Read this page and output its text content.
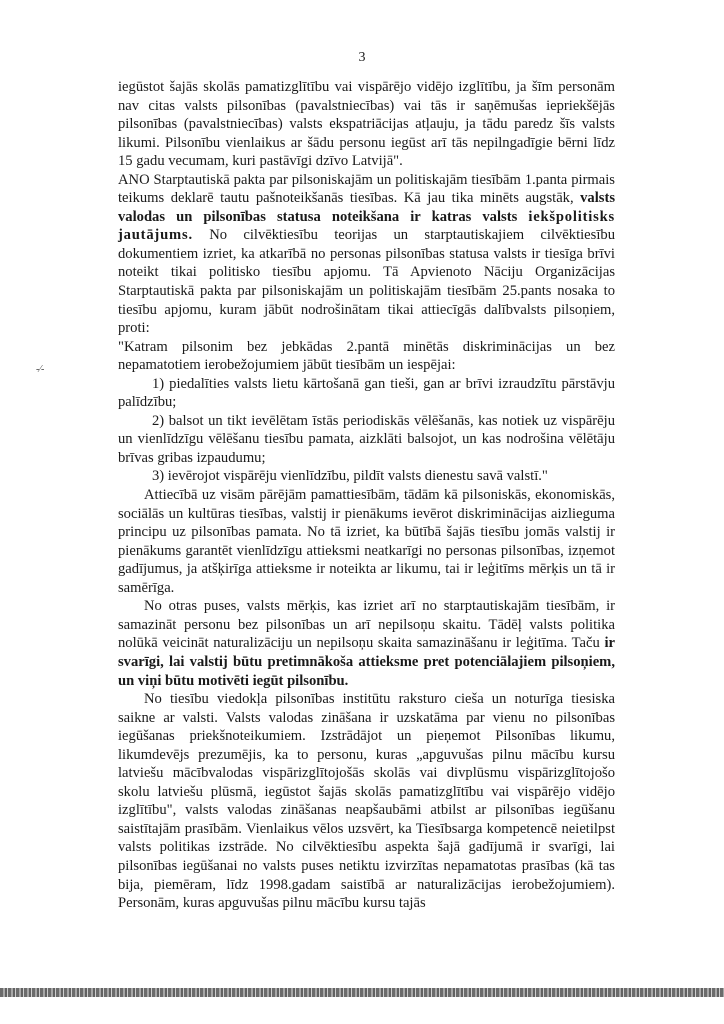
3
-⁄-

iegūstot šajās skolās pamatizglītību vai vispārējo vidējo izglītību, ja šīm personām nav citas valsts pilsonības (pavalstniecības) vai tās ir saņēmušas iepriekšējās pilsonības (pavalstniecības) valsts ekspatriācijas atļauju, ja tādu paredz šīs valsts likumi. Pilsonību vienlaikus ar šādu personu iegūst arī tās nepilngadīgie bērni līdz 15 gadu vecumam, kuri pastāvīgi dzīvo Latvijā".

ANO Starptautiskā pakta par pilsoniskajām un politiskajām tiesībām 1.panta pirmais teikums deklarē tautu pašnoteikšanās tiesības. Kā jau tika minēts augstāk, valsts valodas un pilsonības statusa noteikšana ir katras valsts iekšpolitisks jautājums. No cilvēktiesību teorijas un starptautiskajiem cilvēktiesību dokumentiem izriet, ka atkarībā no personas pilsonības statusa valsts ir tiesīga brīvi noteikt tikai politisko tiesību apjomu. Tā Apvienoto Nāciju Organizācijas Starptautiskā pakta par pilsoniskajām un politiskajām tiesībām 25.pants nosaka to tiesību apjomu, kuram jābūt nodrošinātam tikai attiecīgās dalībvalsts pilsoņiem, proti:

"Katram pilsonim bez jebkādas 2.pantā minētās diskriminācijas un bez nepamatotiem ierobežojumiem jābūt tiesībām un iespējai:

1) piedalīties valsts lietu kārtošanā gan tieši, gan ar brīvi izraudzītu pārstāvju palīdzību;

2) balsot un tikt ievēlētam īstās periodiskās vēlēšanās, kas notiek uz vispārēju un vienlīdzīgu vēlēšanu tiesību pamata, aizklāti balsojot, un kas nodrošina vēlētāju brīvas gribas izpaudumu;

3) ievērojot vispārēju vienlīdzību, pildīt valsts dienestu savā valstī."

Attiecībā uz visām pārējām pamattiesībām, tādām kā pilsoniskās, ekonomiskās, sociālās un kultūras tiesības, valstij ir pienākums ievērot diskriminācijas aizlieguma principu uz pilsonības pamata. No tā izriet, ka būtībā šajās tiesību jomās valstij ir pienākums garantēt vienlīdzīgu attieksmi neatkarīgi no personas pilsonības, izņemot gadījumus, ja atšķirīga attieksme ir noteikta ar likumu, tai ir leģitīms mērķis un tā ir samērīga.

No otras puses, valsts mērķis, kas izriet arī no starptautiskajām tiesībām, ir samazināt personu bez pilsonības un arī nepilsoņu skaitu. Tādēļ valsts politika nolūkā veicināt naturalizāciju un nepilsoņu skaita samazināšanu ir leģitīma. Taču ir svarīgi, lai valstij būtu pretimnākoša attieksme pret potenciālajiem pilsoņiem, un viņi būtu motivēti iegūt pilsonību.

No tiesību viedokļa pilsonības institūtu raksturo cieša un noturīga tiesiska saikne ar valsti. Valsts valodas zināšana ir uzskatāma par vienu no pilsonības iegūšanas priekšnoteikumiem. Izstrādājot un pieņemot Pilsonības likumu, likumdevējs prezumējis, ka to personu, kuras „apguvušas pilnu mācību kursu latviešu mācībvalodas vispārizglītojošās skolās vai divplūsmu vispārizglītojošo skolu latviešu plūsmā, iegūstot šajās skolās pamatizglītību vai vispārējo vidējo izglītību", valsts valodas zināšanas neapšaubāmi atbilst ar pilsonības iegūšanu saistītajām prasībām. Vienlaikus vēlos uzsvērt, ka Tiesībsarga kompetencē neietilpst valsts politikas izstrāde. No cilvēktiesību aspekta šajā gadījumā ir svarīgi, lai pilsonības iegūšanai no valsts puses netiktu izvirzītas nepamatotas prasības (kā tas bija, piemēram, līdz 1998.gadam saistībā ar naturalizācijas ierobežojumiem). Personām, kuras apguvušas pilnu mācību kursu tajās
